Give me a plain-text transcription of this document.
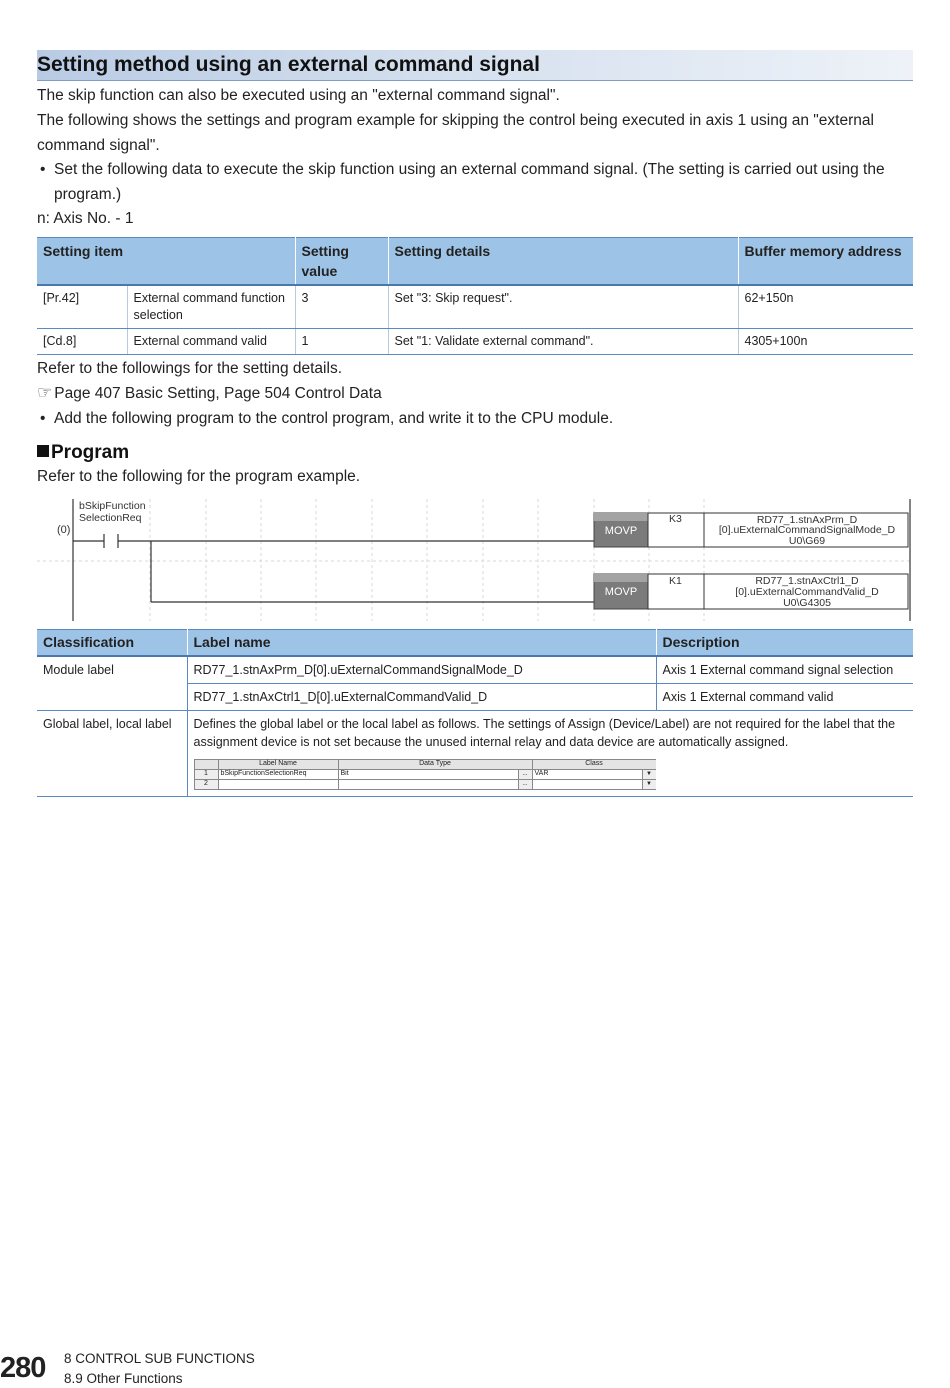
Setting method using an external command signal
The skip function can also be executed using an "external command signal".
The following shows the settings and program example for skipping the control being executed in axis 1 using an "external
command signal".
• Set the following data to execute the skip function using an external command signal. (The setting is carried out using the
program.)
n: Axis No. - 1
Setting item		Setting value	Setting details	Buffer memory address
[Pr.42]	External command function selection	3	Set "3: Skip request".	62+150n
[Cd.8]	External command valid	1	Set "1: Validate external command".	4305+100n
Refer to the followings for the setting details.
☞ Page 407 Basic Setting, Page 504 Control Data
• Add the following program to the control program, and write it to the CPU module.
Program
Refer to the following for the program example.
(0)
bSkipFunction
SelectionReq
MOVP
K3	RD77_1.stnAxPrm_D
[0].uExternalCommandSignalMode_D
U0\G69
MOVP
K1	RD77_1.stnAxCtrl1_D
[0].uExternalCommandValid_D
U0\G4305
Classification	Label name	Description
Module label	RD77_1.stnAxPrm_D[0].uExternalCommandSignalMode_D	Axis 1 External command signal selection
RD77_1.stnAxCtrl1_D[0].uExternalCommandValid_D	Axis 1 External command valid
Global label, local label	Defines the global label or the local label as follows. The settings of Assign (Device/Label) are not required for the label that the assignment device is not set because the unused internal relay and data device are automatically assigned.
	Label Name	Data Type	Class
1	bSkipFunctionSelectionReq	Bit	...	VAR	▼
2			...		▼
280 8 CONTROL SUB FUNCTIONS
8.9 Other Functions
